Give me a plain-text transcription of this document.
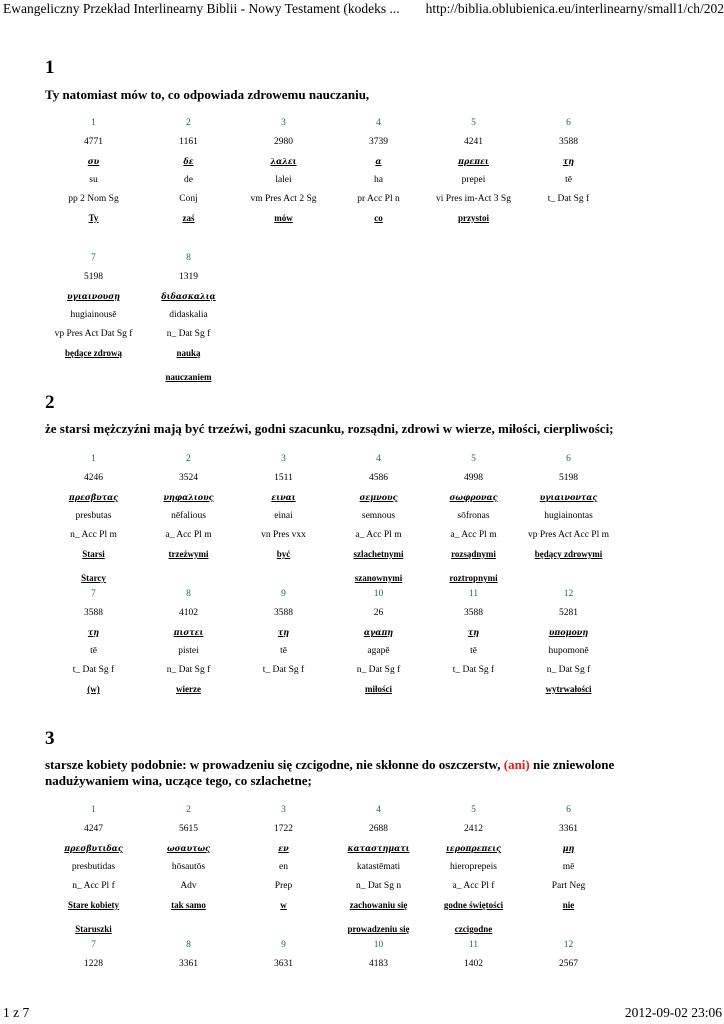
Ewangeliczny Przekład Interlinearny Biblii - Nowy Testament (kodeks ... http://biblia.oblubienica.eu/interlinearny/small1/ch/202
1
Ty natomiast mów to, co odpowiada zdrowemu nauczaniu,
1
4771
συ
su
pp 2 Nom Sg
Ty
2
1161
δε
de
Conj
zaś
3
2980
λαλει
lalei
vm Pres Act 2 Sg
mów
4
3739
α
ha
pr Acc Pl n
co
5
4241
πρεπει
prepei
vi Pres im-Act 3 Sg
przystoi
6
3588
τῃ
tē
t_ Dat Sg f
7
5198
υγιαινουσῃ
hugiainousē
vp Pres Act Dat Sg f
będące zdrową
8
1319
διδασκαλιᾳ
didaskalia
n_ Dat Sg f
nauką
nauczaniem
2
że starsi mężczyźni mają być trzeźwi, godni szacunku, rozsądni, zdrowi w wierze, miłości, cierpliwości;
1
4246
πρεσβυτας
presbutas
n_ Acc Pl m
Starsi
Starcy
2
3524
νηφαλιους
nēfalious
a_ Acc Pl m
trzeźwymi
3
1511
ειναι
einai
vn Pres vxx
być
4
4586
σεμνους
semnous
a_ Acc Pl m
szlachetnymi
szanownymi
5
4998
σωφρονας
sōfronas
a_ Acc Pl m
rozsądnymi
roztropnymi
6
5198
υγιαινοντας
hugiainontas
vp Pres Act Acc Pl m
będący zdrowymi
7
3588
τῃ
tē
t_ Dat Sg f
(w)
8
4102
πιστει
pistei
n_ Dat Sg f
wierze
9
3588
τῃ
tē
t_ Dat Sg f
10
26
αγαπῃ
agapē
n_ Dat Sg f
miłości
11
3588
τῃ
tē
t_ Dat Sg f
12
5281
υπομονῃ
hupomonē
n_ Dat Sg f
wytrwałości
3
starsze kobiety podobnie: w prowadzeniu się czcigodne, nie skłonne do oszczerstw, (ani) nie zniewolone nadużywaniem wina, uczące tego, co szlachetne;
1
4247
πρεσβυτιδας
presbutidas
n_ Acc Pl f
Stare kobiety
Staruszki
2
5615
ωσαυτως
hōsautōs
Adv
tak samo
3
1722
εν
en
Prep
w
4
2688
καταστηματι
katastēmati
n_ Dat Sg n
zachowaniu się
prowadzeniu się
5
2412
ιεροπρεπεις
hieroprepeis
a_ Acc Pl f
godne świętości
czcigodne
6
3361
μη
mē
Part Neg
nie
7
1228
8
3361
9
3631
10
4183
11
1402
12
2567
1 z 7	2012-09-02 23:06
